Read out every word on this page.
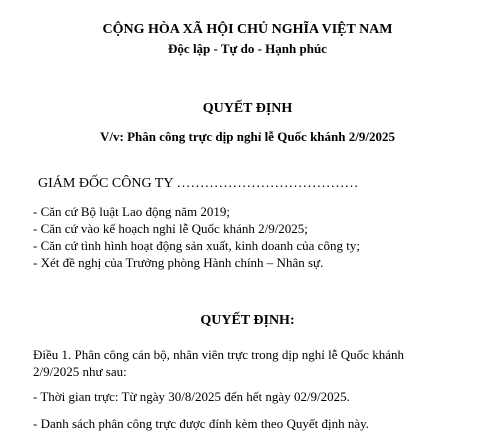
CỘNG HÒA XÃ HỘI CHỦ NGHĨA VIỆT NAM
Độc lập - Tự do - Hạnh phúc
QUYẾT ĐỊNH
V/v: Phân công trực dịp nghỉ lễ Quốc khánh 2/9/2025
GIÁM ĐỐC CÔNG TY …………………………………
- Căn cứ Bộ luật Lao động năm 2019;
- Căn cứ vào kế hoạch nghỉ lễ Quốc khánh 2/9/2025;
- Căn cứ tình hình hoạt động sản xuất, kinh doanh của công ty;
- Xét đề nghị của Trưởng phòng Hành chính – Nhân sự.
QUYẾT ĐỊNH:
Điều 1. Phân công cán bộ, nhân viên trực trong dịp nghỉ lễ Quốc khánh
2/9/2025 như sau:
- Thời gian trực: Từ ngày 30/8/2025 đến hết ngày 02/9/2025.
- Danh sách phân công trực được đính kèm theo Quyết định này.
